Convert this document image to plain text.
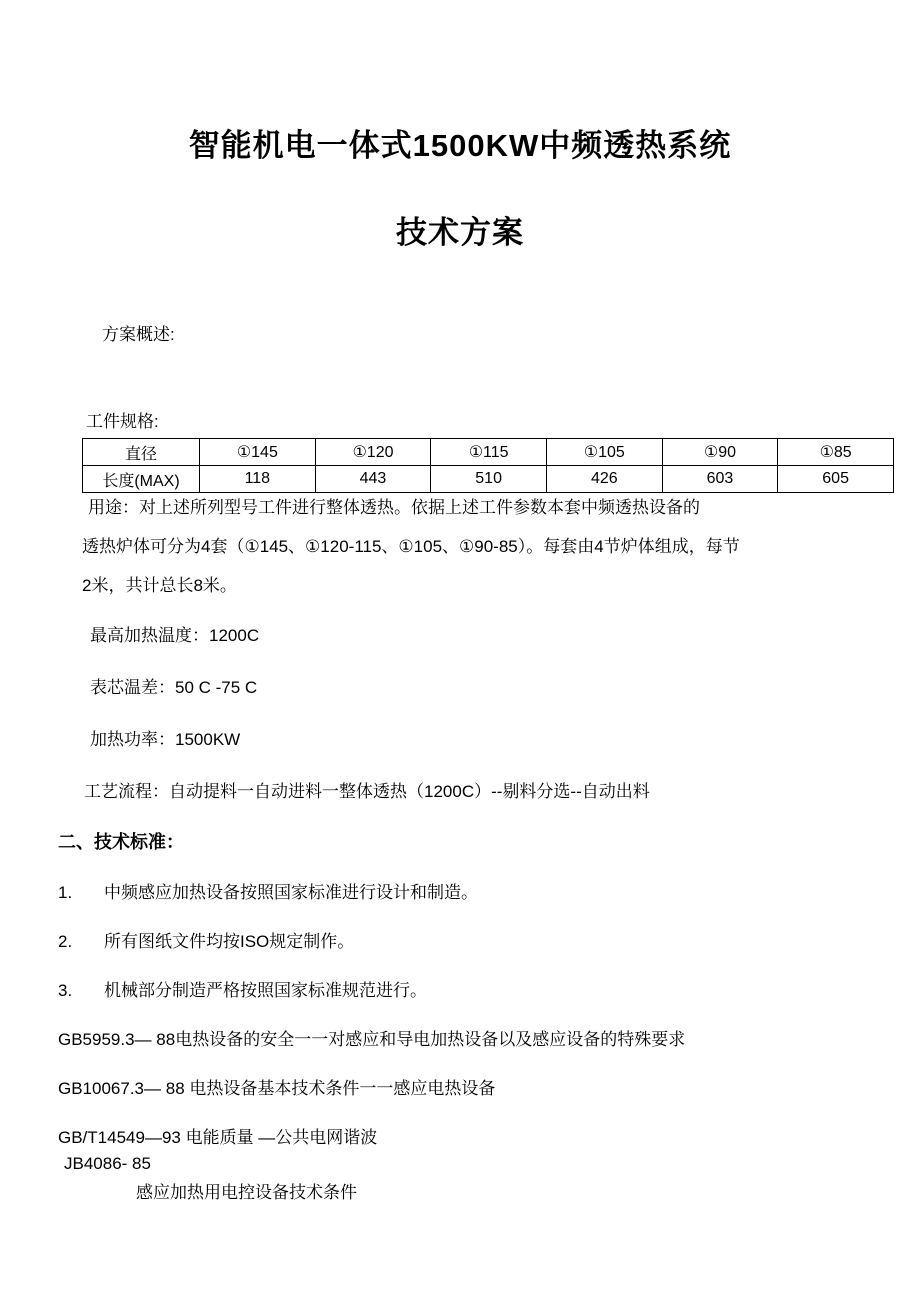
智能机电一体式1500KW中频透热系统
技术方案
方案概述:
工件规格:
直径	①145	①120	①115	①105	①90	①85
长度(MAX)	118	443	510	426	603	605
用途：对上述所列型号工件进行整体透热。依据上述工件参数本套中频透热设备的
透热炉体可分为4套（①145、①120-115、①105、①90-85）。每套由4节炉体组成，每节
2米，共计总长8米。
最高加热温度：1200C
表芯温差：50 C -75 C
加热功率：1500KW
工艺流程：自动提料一自动进料一整体透热（1200C）--剔料分选--自动出料
二、技术标准：
1. 中频感应加热设备按照国家标准进行设计和制造。
2. 所有图纸文件均按ISO规定制作。
3. 机械部分制造严格按照国家标准规范进行。
GB5959.3— 88电热设备的安全一一对感应和导电加热设备以及感应设备的特殊要求
GB10067.3— 88 电热设备基本技术条件一一感应电热设备
GB/T14549—93 电能质量 —公共电网谐波
JB4086- 85
感应加热用电控设备技术条件
